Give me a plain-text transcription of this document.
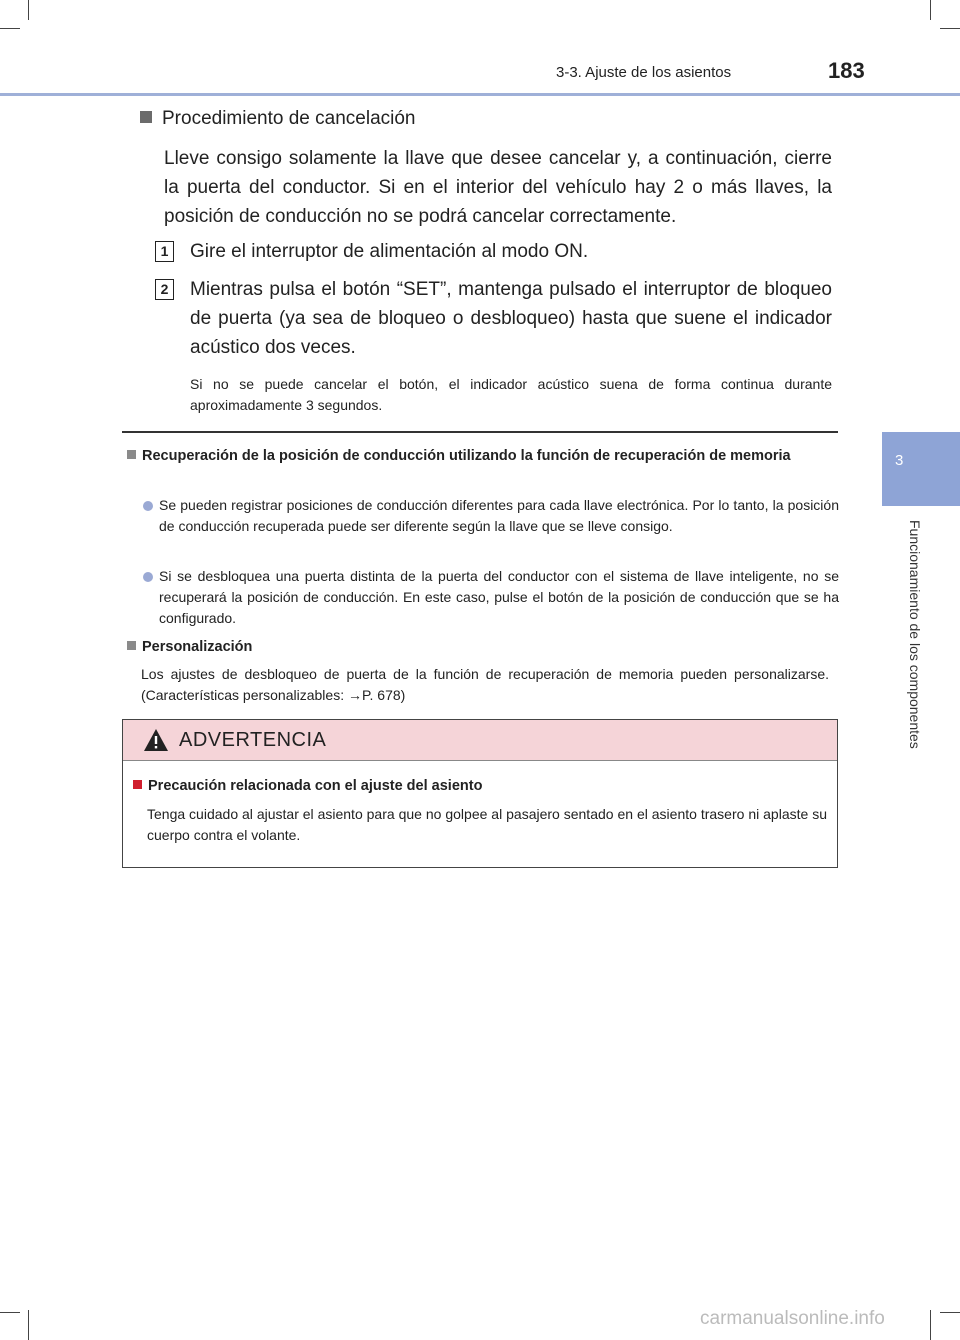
3-3. Ajuste de los asientos	183
3
Funcionamiento de los componentes
Procedimiento de cancelación
Lleve consigo solamente la llave que desee cancelar y, a continuación, cierre la puerta del conductor. Si en el interior del vehículo hay 2 o más llaves, la posición de conducción no se podrá cancelar correctamente.
1 Gire el interruptor de alimentación al modo ON.
2 Mientras pulsa el botón “SET”, mantenga pulsado el interruptor de bloqueo de puerta (ya sea de bloqueo o desbloqueo) hasta que suene el indicador acústico dos veces.
Si no se puede cancelar el botón, el indicador acústico suena de forma continua durante aproximadamente 3 segundos.
Recuperación de la posición de conducción utilizando la función de recuperación de memoria
Se pueden registrar posiciones de conducción diferentes para cada llave electrónica. Por lo tanto, la posición de conducción recuperada puede ser diferente según la llave que se lleve consigo.
Si se desbloquea una puerta distinta de la puerta del conductor con el sistema de llave inteligente, no se recuperará la posición de conducción. En este caso, pulse el botón de la posición de conducción que se ha configurado.
Personalización
Los ajustes de desbloqueo de puerta de la función de recuperación de memoria pueden personalizarse. (Características personalizables: →P. 678)
ADVERTENCIA
Precaución relacionada con el ajuste del asiento
Tenga cuidado al ajustar el asiento para que no golpee al pasajero sentado en el asiento trasero ni aplaste su cuerpo contra el volante.
carmanualsonline.info
